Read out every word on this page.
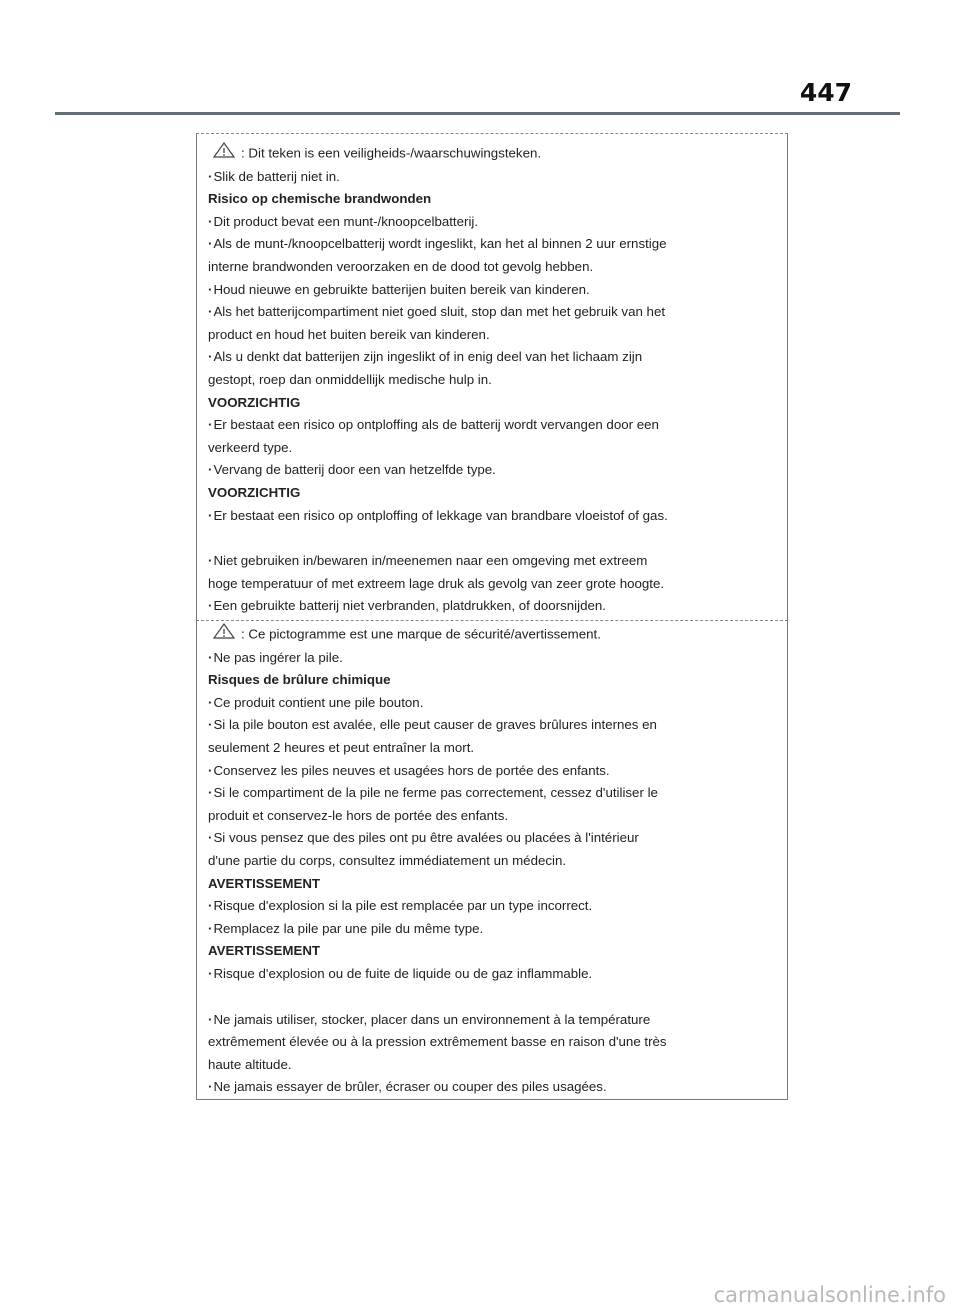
447
: Dit teken is een veiligheids-/waarschuwingsteken.
· Slik de batterij niet in.
Risico op chemische brandwonden
· Dit product bevat een munt-/knoopcelbatterij.
· Als de munt-/knoopcelbatterij wordt ingeslikt, kan het al binnen 2 uur ernstige
interne brandwonden veroorzaken en de dood tot gevolg hebben.
· Houd nieuwe en gebruikte batterijen buiten bereik van kinderen.
· Als het batterijcompartiment niet goed sluit, stop dan met het gebruik van het
product en houd het buiten bereik van kinderen.
· Als u denkt dat batterijen zijn ingeslikt of in enig deel van het lichaam zijn
gestopt, roep dan onmiddellijk medische hulp in.
VOORZICHTIG
· Er bestaat een risico op ontploffing als de batterij wordt vervangen door een
verkeerd type.
· Vervang de batterij door een van hetzelfde type.
VOORZICHTIG
· Er bestaat een risico op ontploffing of lekkage van brandbare vloeistof of gas.
· Niet gebruiken in/bewaren in/meenemen naar een omgeving met extreem
hoge temperatuur of met extreem lage druk als gevolg van zeer grote hoogte.
· Een gebruikte batterij niet verbranden, platdrukken, of doorsnijden.
: Ce pictogramme est une marque de sécurité/avertissement.
· Ne pas ingérer la pile.
Risques de brûlure chimique
· Ce produit contient une pile bouton.
· Si la pile bouton est avalée, elle peut causer de graves brûlures internes en
seulement 2 heures et peut entraîner la mort.
· Conservez les piles neuves et usagées hors de portée des enfants.
· Si le compartiment de la pile ne ferme pas correctement, cessez d'utiliser le
produit et conservez-le hors de portée des enfants.
· Si vous pensez que des piles ont pu être avalées ou placées à l'intérieur
d'une partie du corps, consultez immédiatement un médecin.
AVERTISSEMENT
· Risque d'explosion si la pile est remplacée par un type incorrect.
· Remplacez la pile par une pile du même type.
AVERTISSEMENT
· Risque d'explosion ou de fuite de liquide ou de gaz inflammable.
· Ne jamais utiliser, stocker, placer dans un environnement à la température
extrêmement élevée ou à la pression extrêmement basse en raison d'une très
haute altitude.
· Ne jamais essayer de brûler, écraser ou couper des piles usagées.
carmanualsonline.info
